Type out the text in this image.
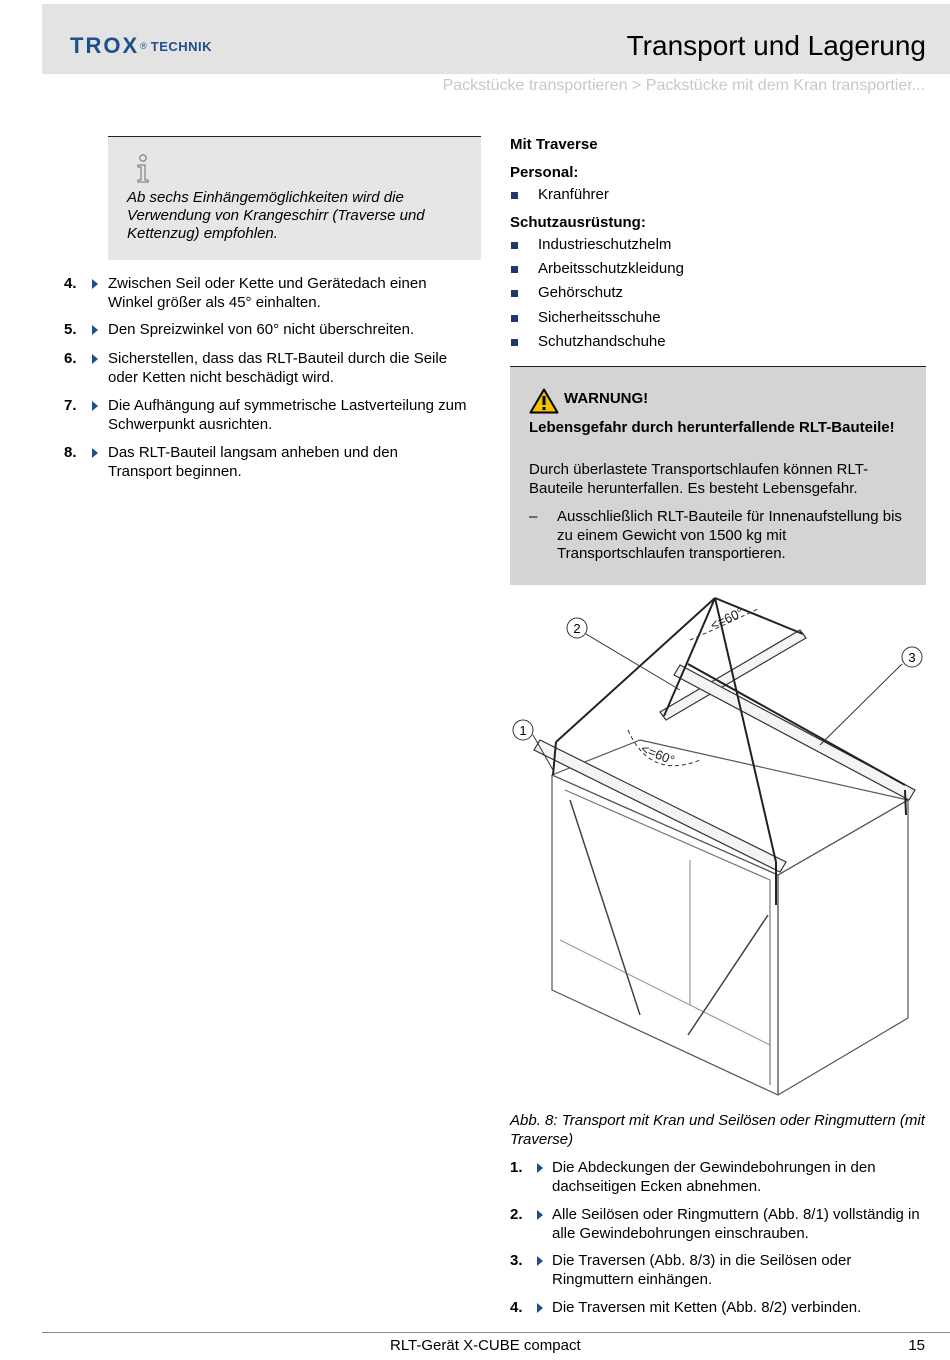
TROX ® TECHNIK	Transport und Lagerung
Packstücke transportieren > Packstücke mit dem Kran transportier...
Ab sechs Einhängemöglichkeiten wird die Verwendung von Krangeschirr (Traverse und Kettenzug) empfohlen.
4. Zwischen Seil oder Kette und Gerätedach einen Winkel größer als 45° einhalten.
5. Den Spreizwinkel von 60° nicht überschreiten.
6. Sicherstellen, dass das RLT-Bauteil durch die Seile oder Ketten nicht beschädigt wird.
7. Die Aufhängung auf symmetrische Lastverteilung zum Schwerpunkt ausrichten.
8. Das RLT-Bauteil langsam anheben und den Transport beginnen.
Mit Traverse
Personal:
Kranführer
Schutzausrüstung:
Industrieschutzhelm
Arbeitsschutzkleidung
Gehörschutz
Sicherheitsschuhe
Schutzhandschuhe
WARNUNG!
Lebensgefahr durch herunterfallende RLT-Bauteile!
Durch überlastete Transportschlaufen können RLT-Bauteile herunterfallen. Es besteht Lebensgefahr.
– Ausschließlich RLT-Bauteile für Innenaufstellung bis zu einem Gewicht von 1500 kg mit Transportschlaufen transportieren.
<=60°
<=60°
1
2
3
Abb. 8: Transport mit Kran und Seilösen oder Ringmuttern (mit Traverse)
1. Die Abdeckungen der Gewindebohrungen in den dachseitigen Ecken abnehmen.
2. Alle Seilösen oder Ringmuttern (Abb. 8/1) vollständig in alle Gewindebohrungen einschrauben.
3. Die Traversen (Abb. 8/3) in die Seilösen oder Ringmuttern einhängen.
4. Die Traversen mit Ketten (Abb. 8/2) verbinden.
RLT-Gerät X-CUBE compact	15
